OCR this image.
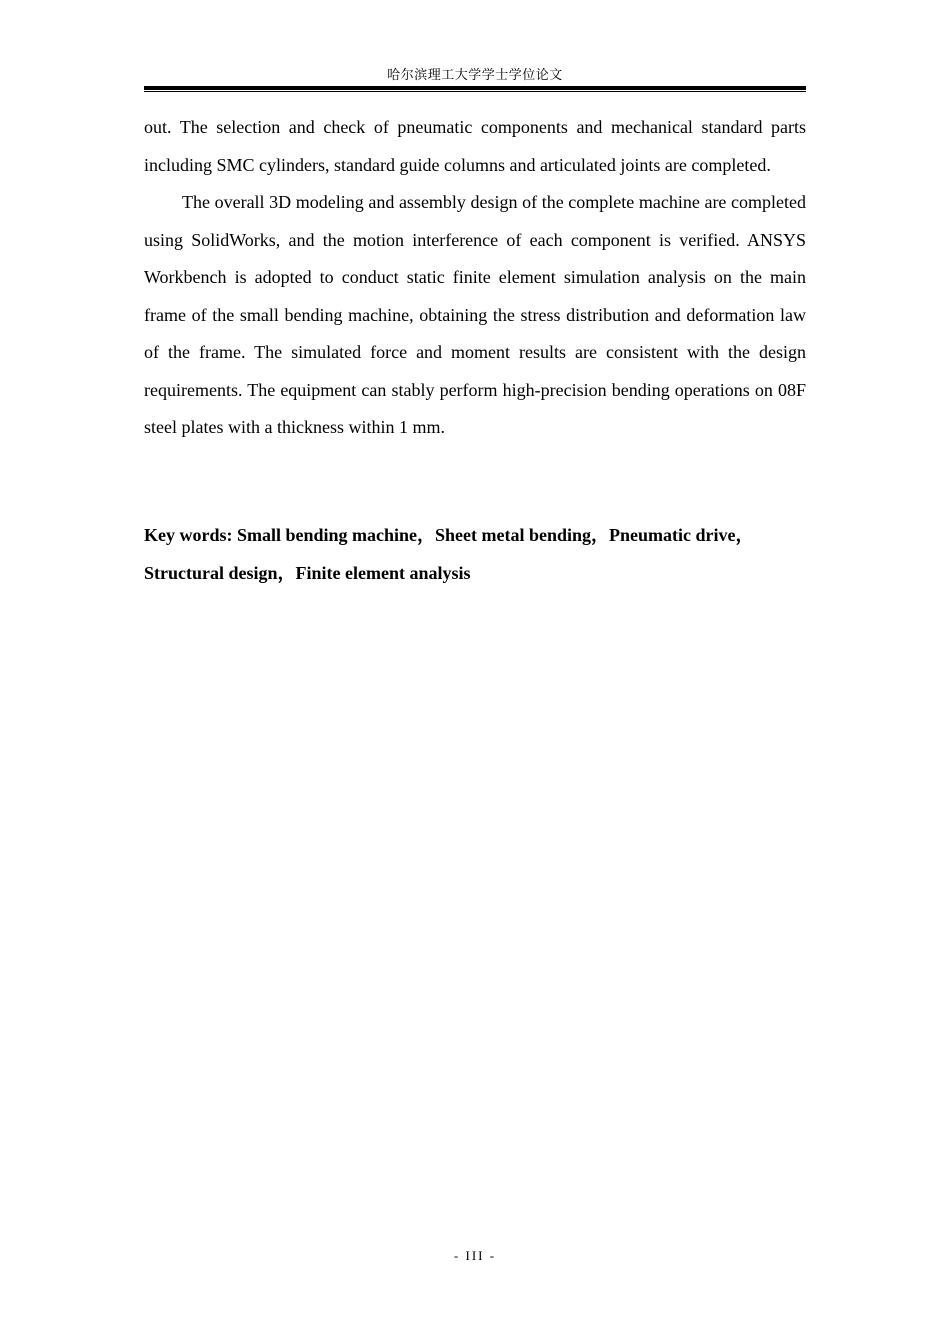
哈尔滨理工大学学士学位论文

out. The selection and check of pneumatic components and mechanical standard parts including SMC cylinders, standard guide columns and articulated joints are completed.

The overall 3D modeling and assembly design of the complete machine are completed using SolidWorks, and the motion interference of each component is verified. ANSYS Workbench is adopted to conduct static finite element simulation analysis on the main frame of the small bending machine, obtaining the stress distribution and deformation law of the frame. The simulated force and moment results are consistent with the design requirements. The equipment can stably perform high-precision bending operations on 08F steel plates with a thickness within 1 mm.

Key words: Small bending machine，Sheet metal bending，Pneumatic drive，Structural design，Finite element analysis
- III -
